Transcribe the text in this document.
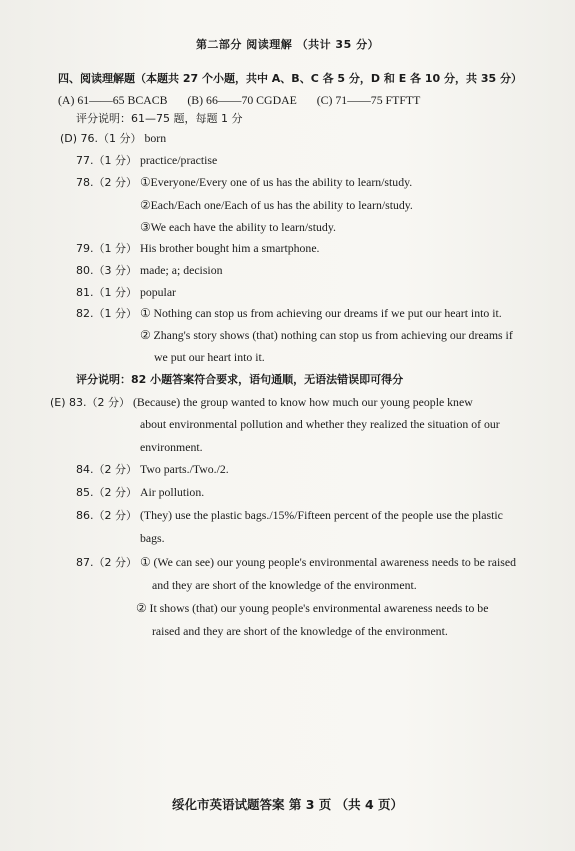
第二部分 阅读理解 （共计 35 分）
四、阅读理解题（本题共 27 个小题，共中 A、B、C 各 5 分，D 和 E 各 10 分，共 35 分）
(A) 61——65 BCACB (B) 66——70 CGDAE (C) 71——75 FTFTT
评分说明：61—75 题，每题 1 分
(D) 76.（1 分） born
77.（1 分） practice/practise
78.（2 分） ①Everyone/Every one of us has the ability to learn/study.
②Each/Each one/Each of us has the ability to learn/study.
③We each have the ability to learn/study.
79.（1 分） His brother bought him a smartphone.
80.（3 分） made; a; decision
81.（1 分） popular
82.（1 分） ① Nothing can stop us from achieving our dreams if we put our heart into it.
② Zhang's story shows (that) nothing can stop us from achieving our dreams if
we put our heart into it.
评分说明：82 小题答案符合要求，语句通顺，无语法错误即可得分
(E) 83.（2 分） (Because) the group wanted to know how much our young people knew
about environmental pollution and whether they realized the situation of our
environment.
84.（2 分） Two parts./Two./2.
85.（2 分） Air pollution.
86.（2 分） (They) use the plastic bags./15%/Fifteen percent of the people use the plastic
bags.
87.（2 分） ① (We can see) our young people's environmental awareness needs to be raised
and they are short of the knowledge of the environment.
② It shows (that) our young people's environmental awareness needs to be
raised and they are short of the knowledge of the environment.
绥化市英语试题答案 第 3 页 （共 4 页）
